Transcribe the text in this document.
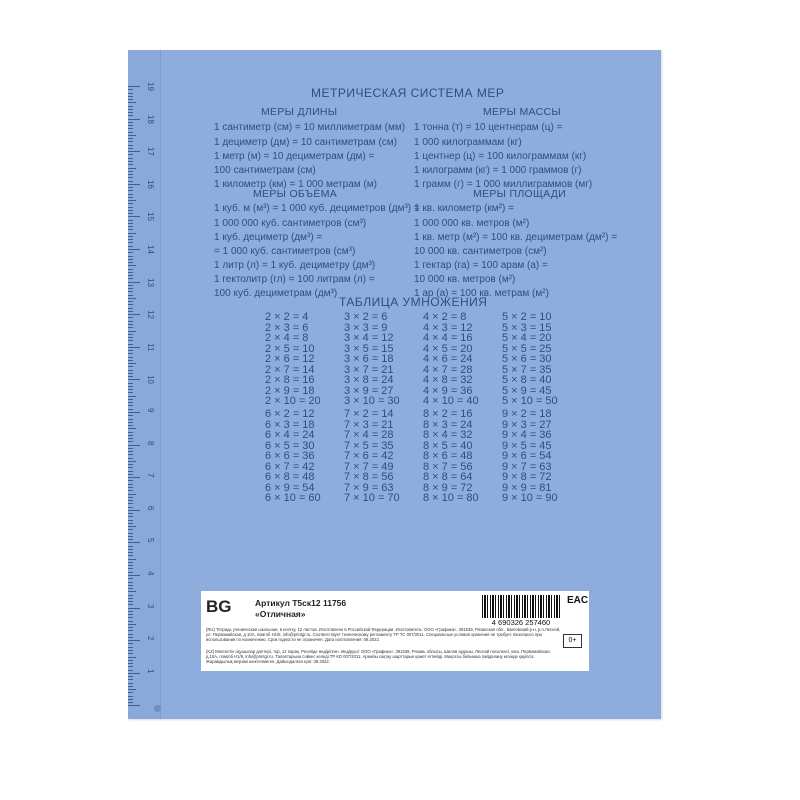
19
18
17
16
15
14
13
12
11
10
9
8
7
6
5
4
3
2
1
МЕТРИЧЕСКАЯ СИСТЕМА МЕР
МЕРЫ ДЛИНЫ
1 сантиметр (см) = 10 миллиметрам (мм)
1 дециметр (дм) = 10 сантиметрам (см)
1 метр (м) = 10 дециметрам (дм) =
100 сантиметрам (см)
1 километр (км) = 1 000 метрам (м)
МЕРЫ МАССЫ
1 тонна (т) = 10 центнерам (ц) =
1 000 килограммам (кг)
1 центнер (ц) = 100 килограммам (кг)
1 килограмм (кг) = 1 000 граммов (г)
1 грамм (г) = 1 000 миллиграммов (мг)
МЕРЫ ОБЪЁМА
1 куб. м (м³) = 1 000 куб. дециметров (дм³) =
1 000 000 куб. сантиметров (см³)
1 куб. дециметр (дм³) =
= 1 000 куб. сантиметров (см³)
1 литр (л) = 1 куб. дециметру (дм³)
1 гектолитр (гл) = 100 литрам (л) =
100 куб. дециметрам (дм³)
МЕРЫ ПЛОЩАДИ
1 кв. километр (км²) =
1 000 000 кв. метров (м²)
1 кв. метр (м²) = 100 кв. дециметрам (дм²) =
10 000 кв. сантиметров (см²)
1 гектар (га) = 100 арам (а) =
10 000 кв. метров (м²)
1 ар (а) = 100 кв. метрам (м²)
ТАБЛИЦА УМНОЖЕНИЯ
2 × 2 = 4
2 × 3 = 6
2 × 4 = 8
2 × 5 = 10
2 × 6 = 12
2 × 7 = 14
2 × 8 = 16
2 × 9 = 18
2 × 10 = 20
3 × 2 = 6
3 × 3 = 9
3 × 4 = 12
3 × 5 = 15
3 × 6 = 18
3 × 7 = 21
3 × 8 = 24
3 × 9 = 27
3 × 10 = 30
4 × 2 = 8
4 × 3 = 12
4 × 4 = 16
4 × 5 = 20
4 × 6 = 24
4 × 7 = 28
4 × 8 = 32
4 × 9 = 36
4 × 10 = 40
5 × 2 = 10
5 × 3 = 15
5 × 4 = 20
5 × 5 = 25
5 × 6 = 30
5 × 7 = 35
5 × 8 = 40
5 × 9 = 45
5 × 10 = 50
6 × 2 = 12
6 × 3 = 18
6 × 4 = 24
6 × 5 = 30
6 × 6 = 36
6 × 7 = 42
6 × 8 = 48
6 × 9 = 54
6 × 10 = 60
7 × 2 = 14
7 × 3 = 21
7 × 4 = 28
7 × 5 = 35
7 × 6 = 42
7 × 7 = 49
7 × 8 = 56
7 × 9 = 63
7 × 10 = 70
8 × 2 = 16
8 × 3 = 24
8 × 4 = 32
8 × 5 = 40
8 × 6 = 48
8 × 7 = 56
8 × 8 = 64
8 × 9 = 72
8 × 10 = 80
9 × 2 = 18
9 × 3 = 27
9 × 4 = 36
9 × 5 = 45
9 × 6 = 54
9 × 7 = 63
9 × 8 = 72
9 × 9 = 81
9 × 10 = 90
BG	Артикул Т5ск12 11756
«Отличная»
4 690326 257460
EAC
0+
(RU) Тетрадь ученическая школьная, в клетку, 12 листов. Изготовлено в Российской Федерации. Изготовитель: ООО «Графика», 391539, Рязанская обл., Шиловский р-н, р.п.Лесной, ул. Первомайская, д.10А, помгоб Н1/8, info@printgr.ru. Соответствует техническому регламенту ТР ТС 007/2011. Специальные условия хранения не требует. Безопасно при использовании по назначению. Срок годности не ограничен. Дата изготовления: 08.2022.
(KZ) Мектептік оқушылар дәптері, тор, 12 парақ. Ресейде өндірілген. Өндіруші: ООО «Графика», 391539, Рязань облысы, Шилов ауданы, Лесной поселкесі, көш. Первомайская, д.10А, помгоб Н1/8, info@printgr.ru. Талаптарына сәйкес келеді ТР КО 007/2011. Арнайы сақтау шарттарын қажет етпейді. Мақсаты бойынша пайдалану кезінде қауіпсіз. Жарамдылық мерзімі шектелмеген. Дайындалған күні: 08.2022.
